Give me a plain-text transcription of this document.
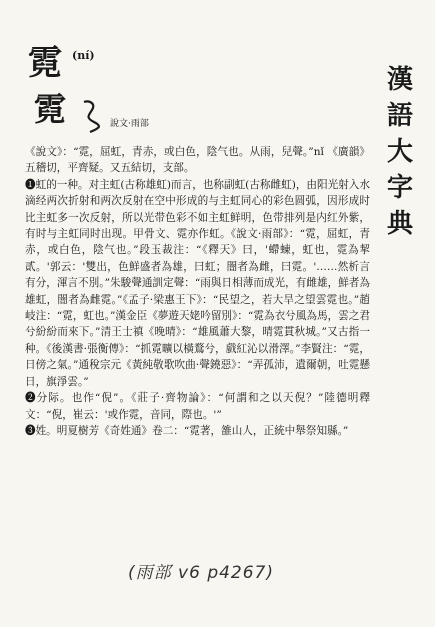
漢
語
大
字
典
霓 (ní)
霓	說文·雨部

《說文》：“霓，屈虹，青赤，或白色，陰气也。从雨，兒聲。”nǐ 《廣韻》五稽切，平齊疑。又五結切，支部。

❶虹的一种。对主虹(古称雄虹)而言，也称副虹(古称雌虹)，由阳光射入水滴经两次折射和两次反射在空中形成的与主虹同心的彩色圆弧，因形成时比主虹多一次反射，所以光带色彩不如主虹鲜明，色带排列是内红外紫，有时与主虹同时出现。甲骨文、霓亦作虹。《說文·雨部》：“霓，屈虹，青赤，或白色，陰气也。”段玉裁注：“《釋天》曰，'螮蝀，虹也，霓為挈貳。'郭云：'雙出，色鮮盛者為雄，曰虹；闇者為雌，曰霓。'……然析言有分，渾言不別。”朱駿聲通訓定聲：“雨與日相薄而成光，有雌雄，鮮者為雄虹，闇者為雌霓。”《孟子·梁惠王下》：“民望之，若大旱之望雲霓也。”趙岐注：“霓，虹也。”漢金臣《夢遊天姥吟留別》：“霓為衣兮風為馬，雲之君兮紛紛而來下。”清王士禛《晚晴》：“雄風蕭大黎，晴霓貫秋城。”又古指一种。《後漢書·張衡傳》：“抓霓曠以橫鶩兮，戲紅沁以滑澤。”李賢注：“霓，日傍之氣。”通稅宗元《黃純敬歌吹曲·聲鐃惡》：“弄孤沛，遺爾朝，吐霓懸日，旗淨雲。”

❷分际。也作“倪”。《莊子·齊物論》：“何謂和之以天倪？”陸德明釋文：“倪，崔云：'或作霓，音同，際也。'”

❸姓。明夏樹芳《奇姓通》卷二：“霓著，雒山人，正統中舉祭知縣。”

(雨部 v6 p4267)
